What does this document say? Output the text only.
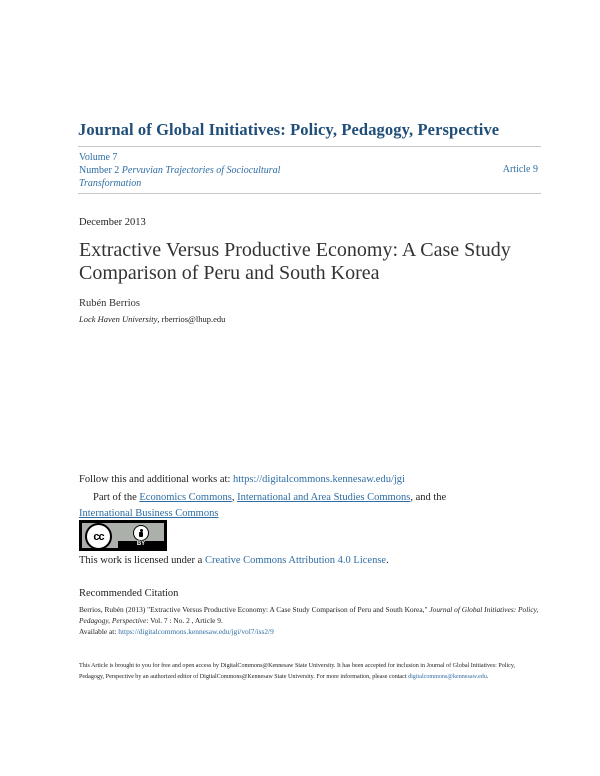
Journal of Global Initiatives: Policy, Pedagogy, Perspective
Volume 7
Number 2 Pervuvian Trajectories of Sociocultural Transformation
Article 9
December 2013
Extractive Versus Productive Economy: A Case Study Comparison of Peru and South Korea
Rubén Berrios
Lock Haven University, rberrios@lhup.edu
Follow this and additional works at: https://digitalcommons.kennesaw.edu/jgi
Part of the Economics Commons, International and Area Studies Commons, and the
International Business Commons
cc
BY
This work is licensed under a Creative Commons Attribution 4.0 License.
Recommended Citation
Berrios, Rubén (2013) "Extractive Versus Productive Economy: A Case Study Comparison of Peru and South Korea," Journal of Global Initiatives: Policy, Pedagogy, Perspective: Vol. 7 : No. 2 , Article 9.
Available at: https://digitalcommons.kennesaw.edu/jgi/vol7/iss2/9
This Article is brought to you for free and open access by DigitalCommons@Kennesaw State University. It has been accepted for inclusion in Journal of Global Initiatives: Policy, Pedagogy, Perspective by an authorized editor of DigitalCommons@Kennesaw State University. For more information, please contact digitalcommons@kennesaw.edu.
